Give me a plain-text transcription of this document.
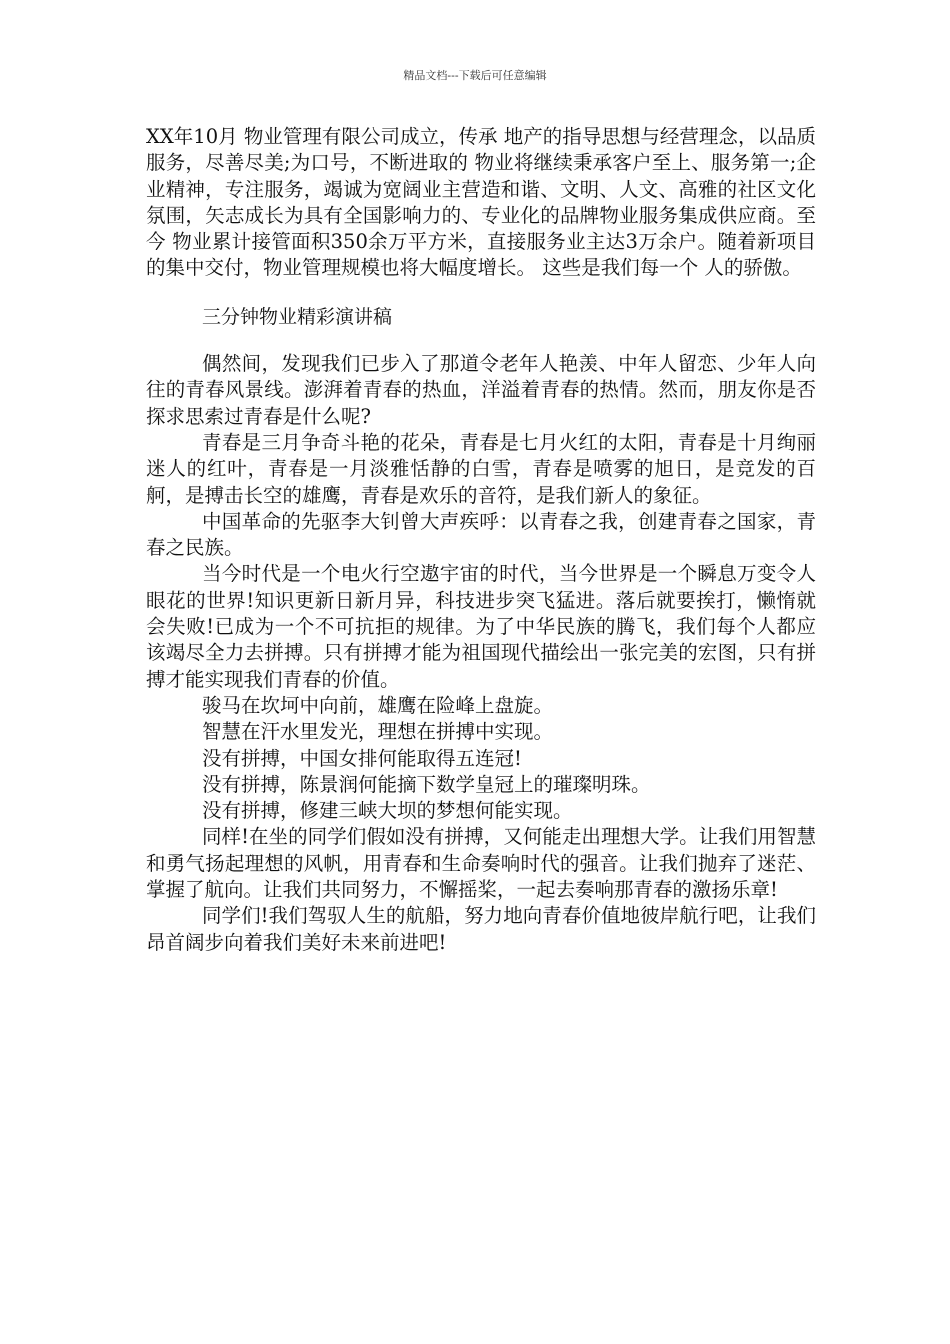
精品文档---下载后可任意编辑

XX年10月 物业管理有限公司成立，传承 地产的指导思想与经营理念，以品质服务，尽善尽美;为口号，不断进取的 物业将继续秉承客户至上、服务第一;企业精神，专注服务，竭诚为宽阔业主营造和谐、文明、人文、高雅的社区文化氛围，矢志成长为具有全国影响力的、专业化的品牌物业服务集成供应商。至今 物业累计接管面积350余万平方米，直接服务业主达3万余户。随着新项目的集中交付，物业管理规模也将大幅度增长。 这些是我们每一个 人的骄傲。

三分钟物业精彩演讲稿

偶然间，发现我们已步入了那道令老年人艳羡、中年人留恋、少年人向往的青春风景线。澎湃着青春的热血，洋溢着青春的热情。然而，朋友你是否探求思索过青春是什么呢?

青春是三月争奇斗艳的花朵，青春是七月火红的太阳，青春是十月绚丽迷人的红叶，青春是一月淡雅恬静的白雪，青春是喷雾的旭日，是竞发的百舸，是搏击长空的雄鹰，青春是欢乐的音符，是我们新人的象征。

中国革命的先驱李大钊曾大声疾呼：以青春之我，创建青春之国家，青春之民族。

当今时代是一个电火行空遨宇宙的时代，当今世界是一个瞬息万变令人眼花的世界!知识更新日新月异，科技进步突飞猛进。落后就要挨打，懒惰就会失败!已成为一个不可抗拒的规律。为了中华民族的腾飞，我们每个人都应该竭尽全力去拼搏。只有拼搏才能为祖国现代描绘出一张完美的宏图，只有拼搏才能实现我们青春的价值。

骏马在坎坷中向前，雄鹰在险峰上盘旋。

智慧在汗水里发光，理想在拼搏中实现。

没有拼搏，中国女排何能取得五连冠!

没有拼搏，陈景润何能摘下数学皇冠上的璀璨明珠。

没有拼搏，修建三峡大坝的梦想何能实现。

同样!在坐的同学们假如没有拼搏，又何能走出理想大学。让我们用智慧和勇气扬起理想的风帆，用青春和生命奏响时代的强音。让我们抛弃了迷茫、掌握了航向。让我们共同努力，不懈摇桨，一起去奏响那青春的激扬乐章!

同学们!我们驾驭人生的航船，努力地向青春价值地彼岸航行吧，让我们昂首阔步向着我们美好未来前进吧!
